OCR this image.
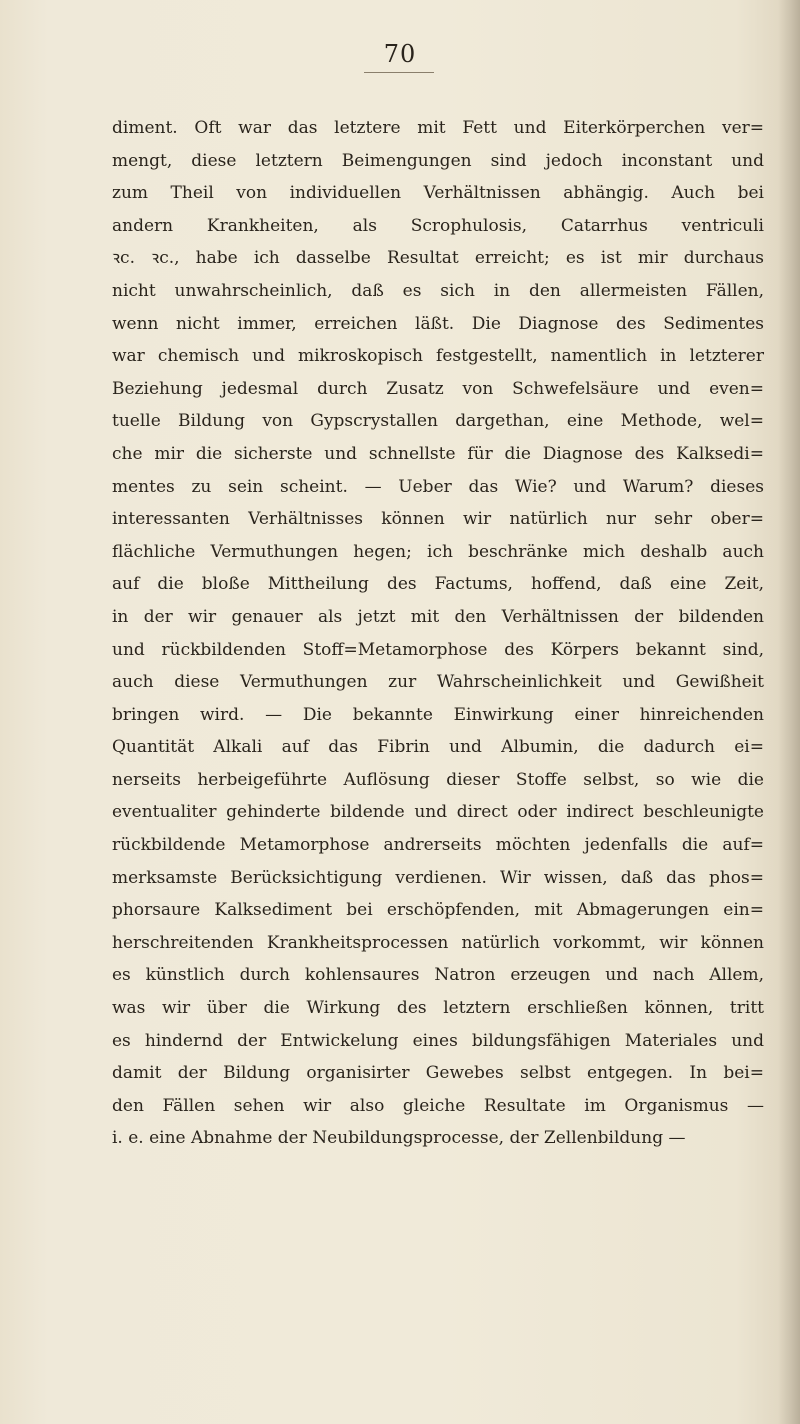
70
diment. Oft war das letztere mit Fett und Eiterkörperchen ver=
mengt, diese letztern Beimengungen sind jedoch inconstant und
zum Theil von individuellen Verhältnissen abhängig. Auch bei
andern Krankheiten, als Scrophulosis, Catarrhus ventriculi
ꝛc. ꝛc., habe ich dasselbe Resultat erreicht; es ist mir durchaus
nicht unwahrscheinlich, daß es sich in den allermeisten Fällen,
wenn nicht immer, erreichen läßt. Die Diagnose des Sedimentes
war chemisch und mikroskopisch festgestellt, namentlich in letzterer
Beziehung jedesmal durch Zusatz von Schwefelsäure und even=
tuelle Bildung von Gypscrystallen dargethan, eine Methode, wel=
che mir die sicherste und schnellste für die Diagnose des Kalksedi=
mentes zu sein scheint. — Ueber das Wie? und Warum? dieses
interessanten Verhältnisses können wir natürlich nur sehr ober=
flächliche Vermuthungen hegen; ich beschränke mich deshalb auch
auf die bloße Mittheilung des Factums, hoffend, daß eine Zeit,
in der wir genauer als jetzt mit den Verhältnissen der bildenden
und rückbildenden Stoff=Metamorphose des Körpers bekannt sind,
auch diese Vermuthungen zur Wahrscheinlichkeit und Gewißheit
bringen wird. — Die bekannte Einwirkung einer hinreichenden
Quantität Alkali auf das Fibrin und Albumin, die dadurch ei=
nerseits herbeigeführte Auflösung dieser Stoffe selbst, so wie die
eventualiter gehinderte bildende und direct oder indirect beschleunigte
rückbildende Metamorphose andrerseits möchten jedenfalls die auf=
merksamste Berücksichtigung verdienen. Wir wissen, daß das phos=
phorsaure Kalksediment bei erschöpfenden, mit Abmagerungen ein=
herschreitenden Krankheitsprocessen natürlich vorkommt, wir können
es künstlich durch kohlensaures Natron erzeugen und nach Allem,
was wir über die Wirkung des letztern erschließen können, tritt
es hindernd der Entwickelung eines bildungsfähigen Materiales und
damit der Bildung organisirter Gewebes selbst entgegen. In bei=
den Fällen sehen wir also gleiche Resultate im Organismus —
i. e. eine Abnahme der Neubildungsprocesse, der Zellenbildung —
